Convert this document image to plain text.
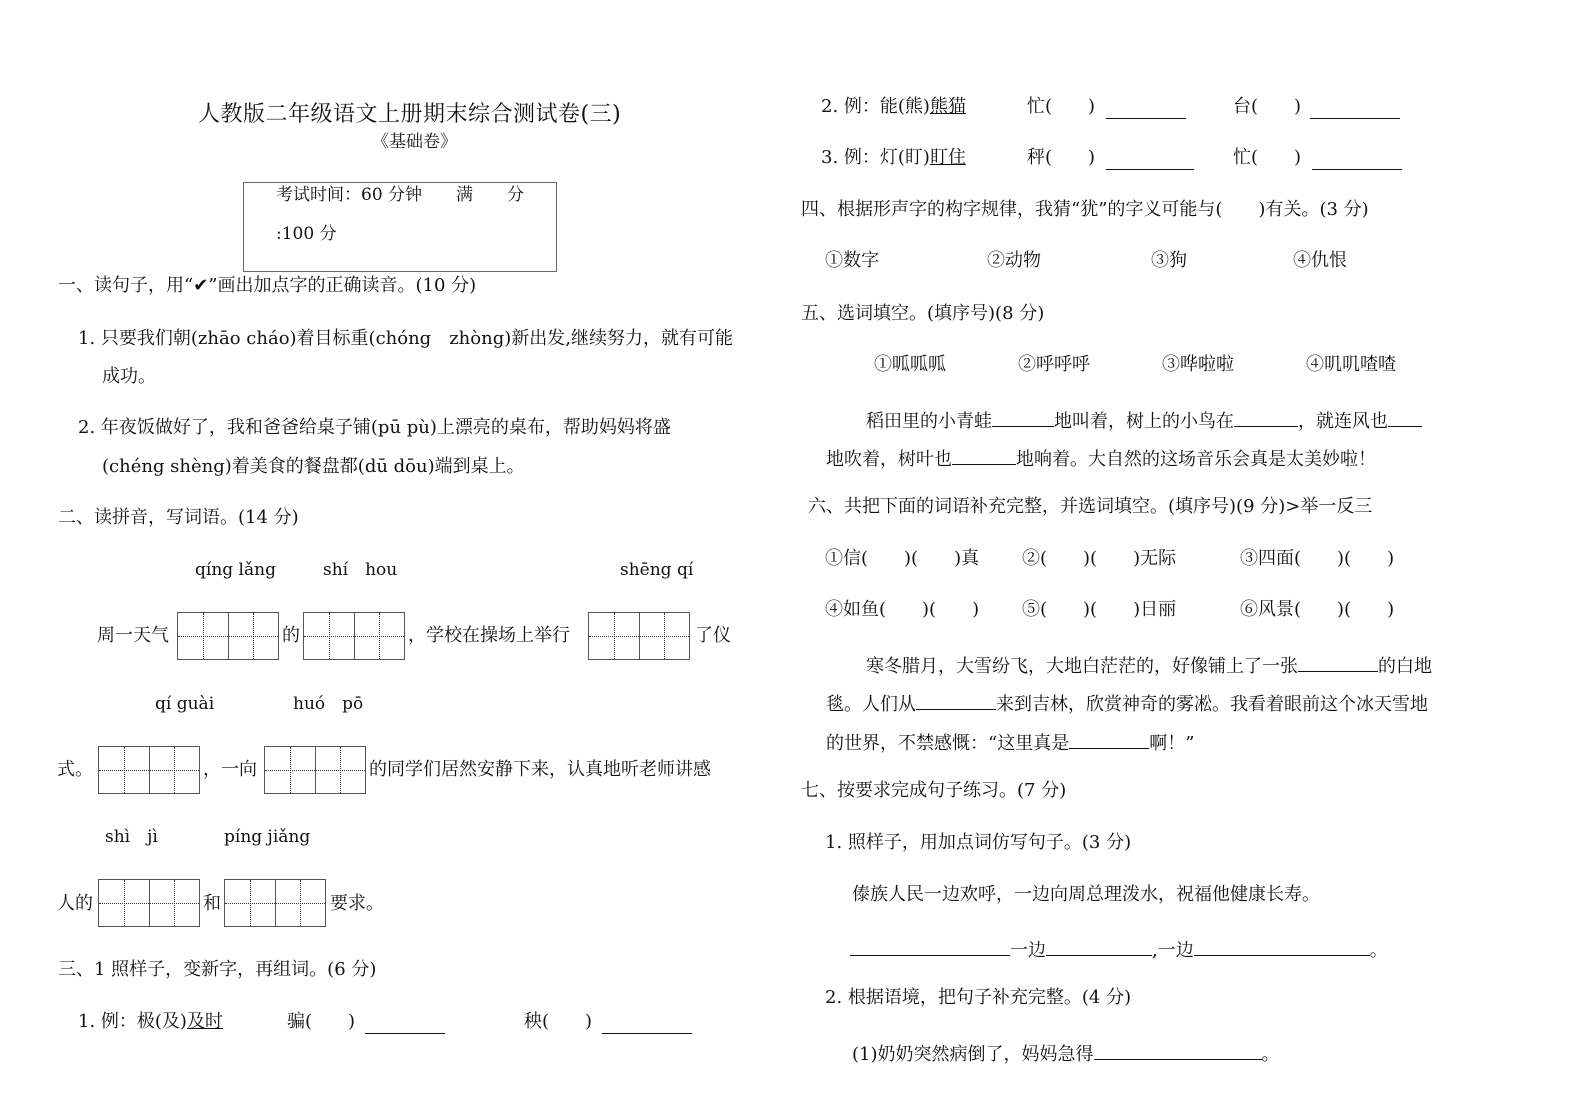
人教版二年级语文上册期末综合测试卷(三)
《基础卷》
考试时间：60 分钟　　满　　分
:100 分
一、读句子，用“✔”画出加点字的正确读音。(10 分)
1. 只要我们朝(zhāo cháo)着目标重(chóng　zhòng)新出发,继续努力，就有可能
成功。
2. 年夜饭做好了，我和爸爸给桌子铺(pū pù)上漂亮的桌布，帮助妈妈将盛
(chéng shèng)着美食的餐盘都(dū dōu)端到桌上。
二、读拼音，写词语。(14 分)
qíng lǎng	shí　hou	shēng qí
周一天气	的	，学校在操场上举行	了仪
qí guài	huó　pō
式。	，一向	的同学们居然安静下来，认真地听老师讲感
shì　jì	píng jiǎng
人的	和	要求。
三、1 照样子，变新字，再组词。(6 分)
1. 例：极(及)及时	骗(　　)	秧(　　)
2. 例：能(熊)熊猫	忙(　　)	台(　　)
3. 例：灯(盯)盯住	秤(　　)	忙(　　)
四、根据形声字的构字规律，我猜“犹”的字义可能与(　　)有关。(3 分)
①数字	②动物	③狗	④仇恨
五、选词填空。(填序号)(8 分)
①呱呱呱	②呼呼呼	③哗啦啦	④叽叽喳喳
稻田里的小青蛙	地叫着，树上的小鸟在	，就连风也
地吹着，树叶也	地响着。大自然的这场音乐会真是太美妙啦！
六、共把下面的词语补充完整，并选词填空。(填序号)(9 分)>举一反三
①信(　　)(　　)真 ②(　　)(　　)无际	③四面(　　)(　　)
④如鱼(　　)(　　) ⑤(　　)(　　)日丽	⑥风景(　　)(　　)
寒冬腊月，大雪纷飞，大地白茫茫的，好像铺上了一张	的白地
毯。人们从	来到吉林，欣赏神奇的雾凇。我看着眼前这个冰天雪地
的世界，不禁感慨：“这里真是	啊！”
七、按要求完成句子练习。(7 分)
1. 照样子，用加点词仿写句子。(3 分)
傣族人民一边欢呼，一边向周总理泼水，祝福他健康长寿。
一边	,一边	。
2. 根据语境，把句子补充完整。(4 分)
(1)奶奶突然病倒了，妈妈急得	。
